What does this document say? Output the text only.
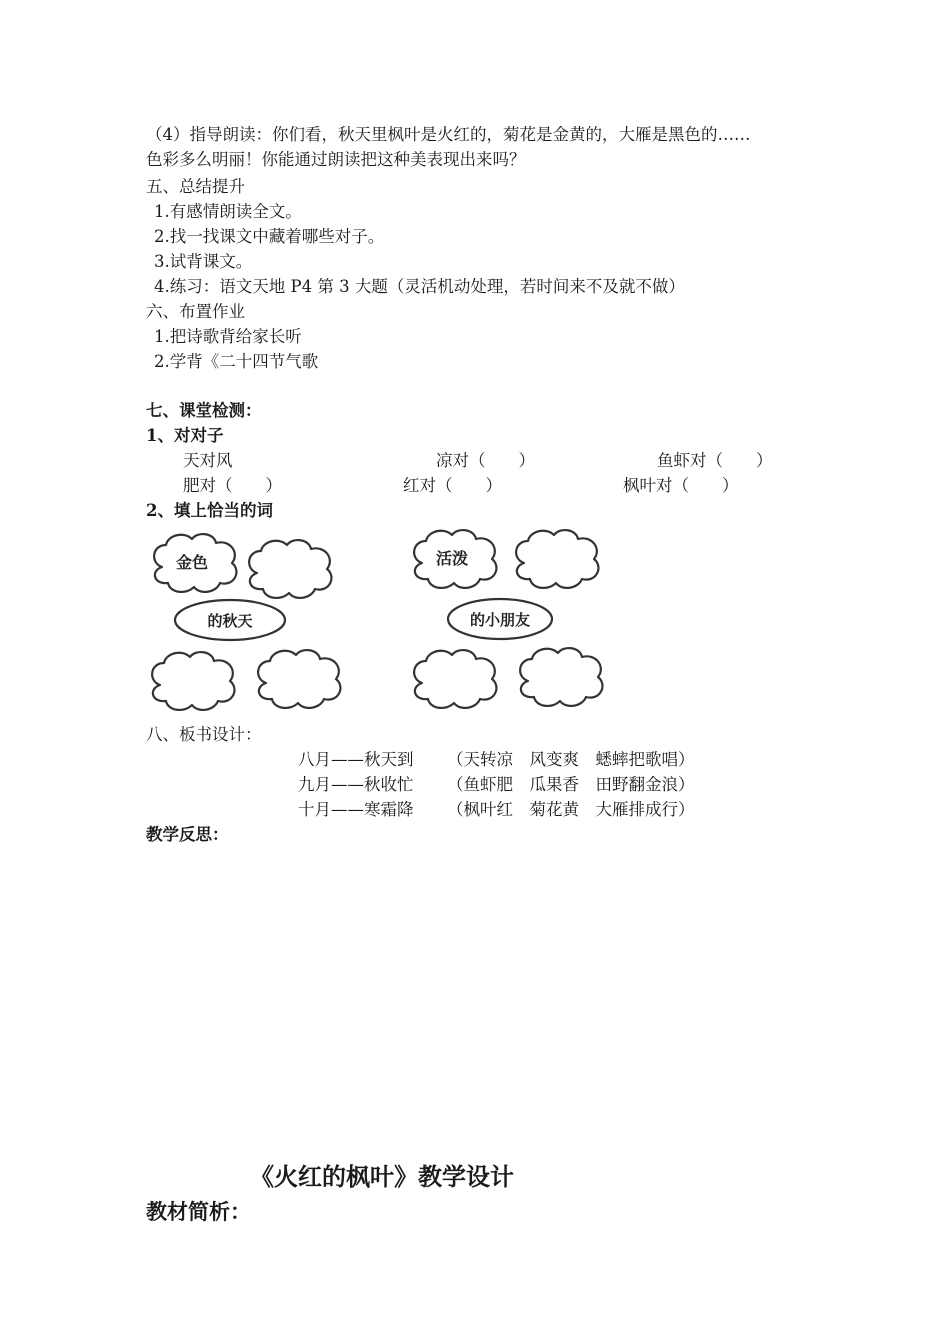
（4）指导朗读：你们看，秋天里枫叶是火红的，菊花是金黄的，大雁是黑色的……
色彩多么明丽！你能通过朗读把这种美表现出来吗？
五、总结提升
1.有感情朗读全文。
2.找一找课文中藏着哪些对子。
3.试背课文。
4.练习：语文天地 P4 第 3 大题（灵活机动处理，若时间来不及就不做）
六、布置作业
1.把诗歌背给家长听
2.学背《二十四节气歌
七、课堂检测：
1、对对子
天对风	凉对（　　）	鱼虾对（　　）
肥对（　　）	红对（　　）	枫叶对（　　）
2、填上恰当的词
金色
的秋天
活泼
的小朋友
八、板书设计：
八月——秋天到 （天转凉　风变爽　蟋蟀把歌唱）
九月——秋收忙 （鱼虾肥　瓜果香　田野翻金浪）
十月——寒霜降 （枫叶红　菊花黄　大雁排成行）
教学反思：
《火红的枫叶》教学设计
教材简析：
